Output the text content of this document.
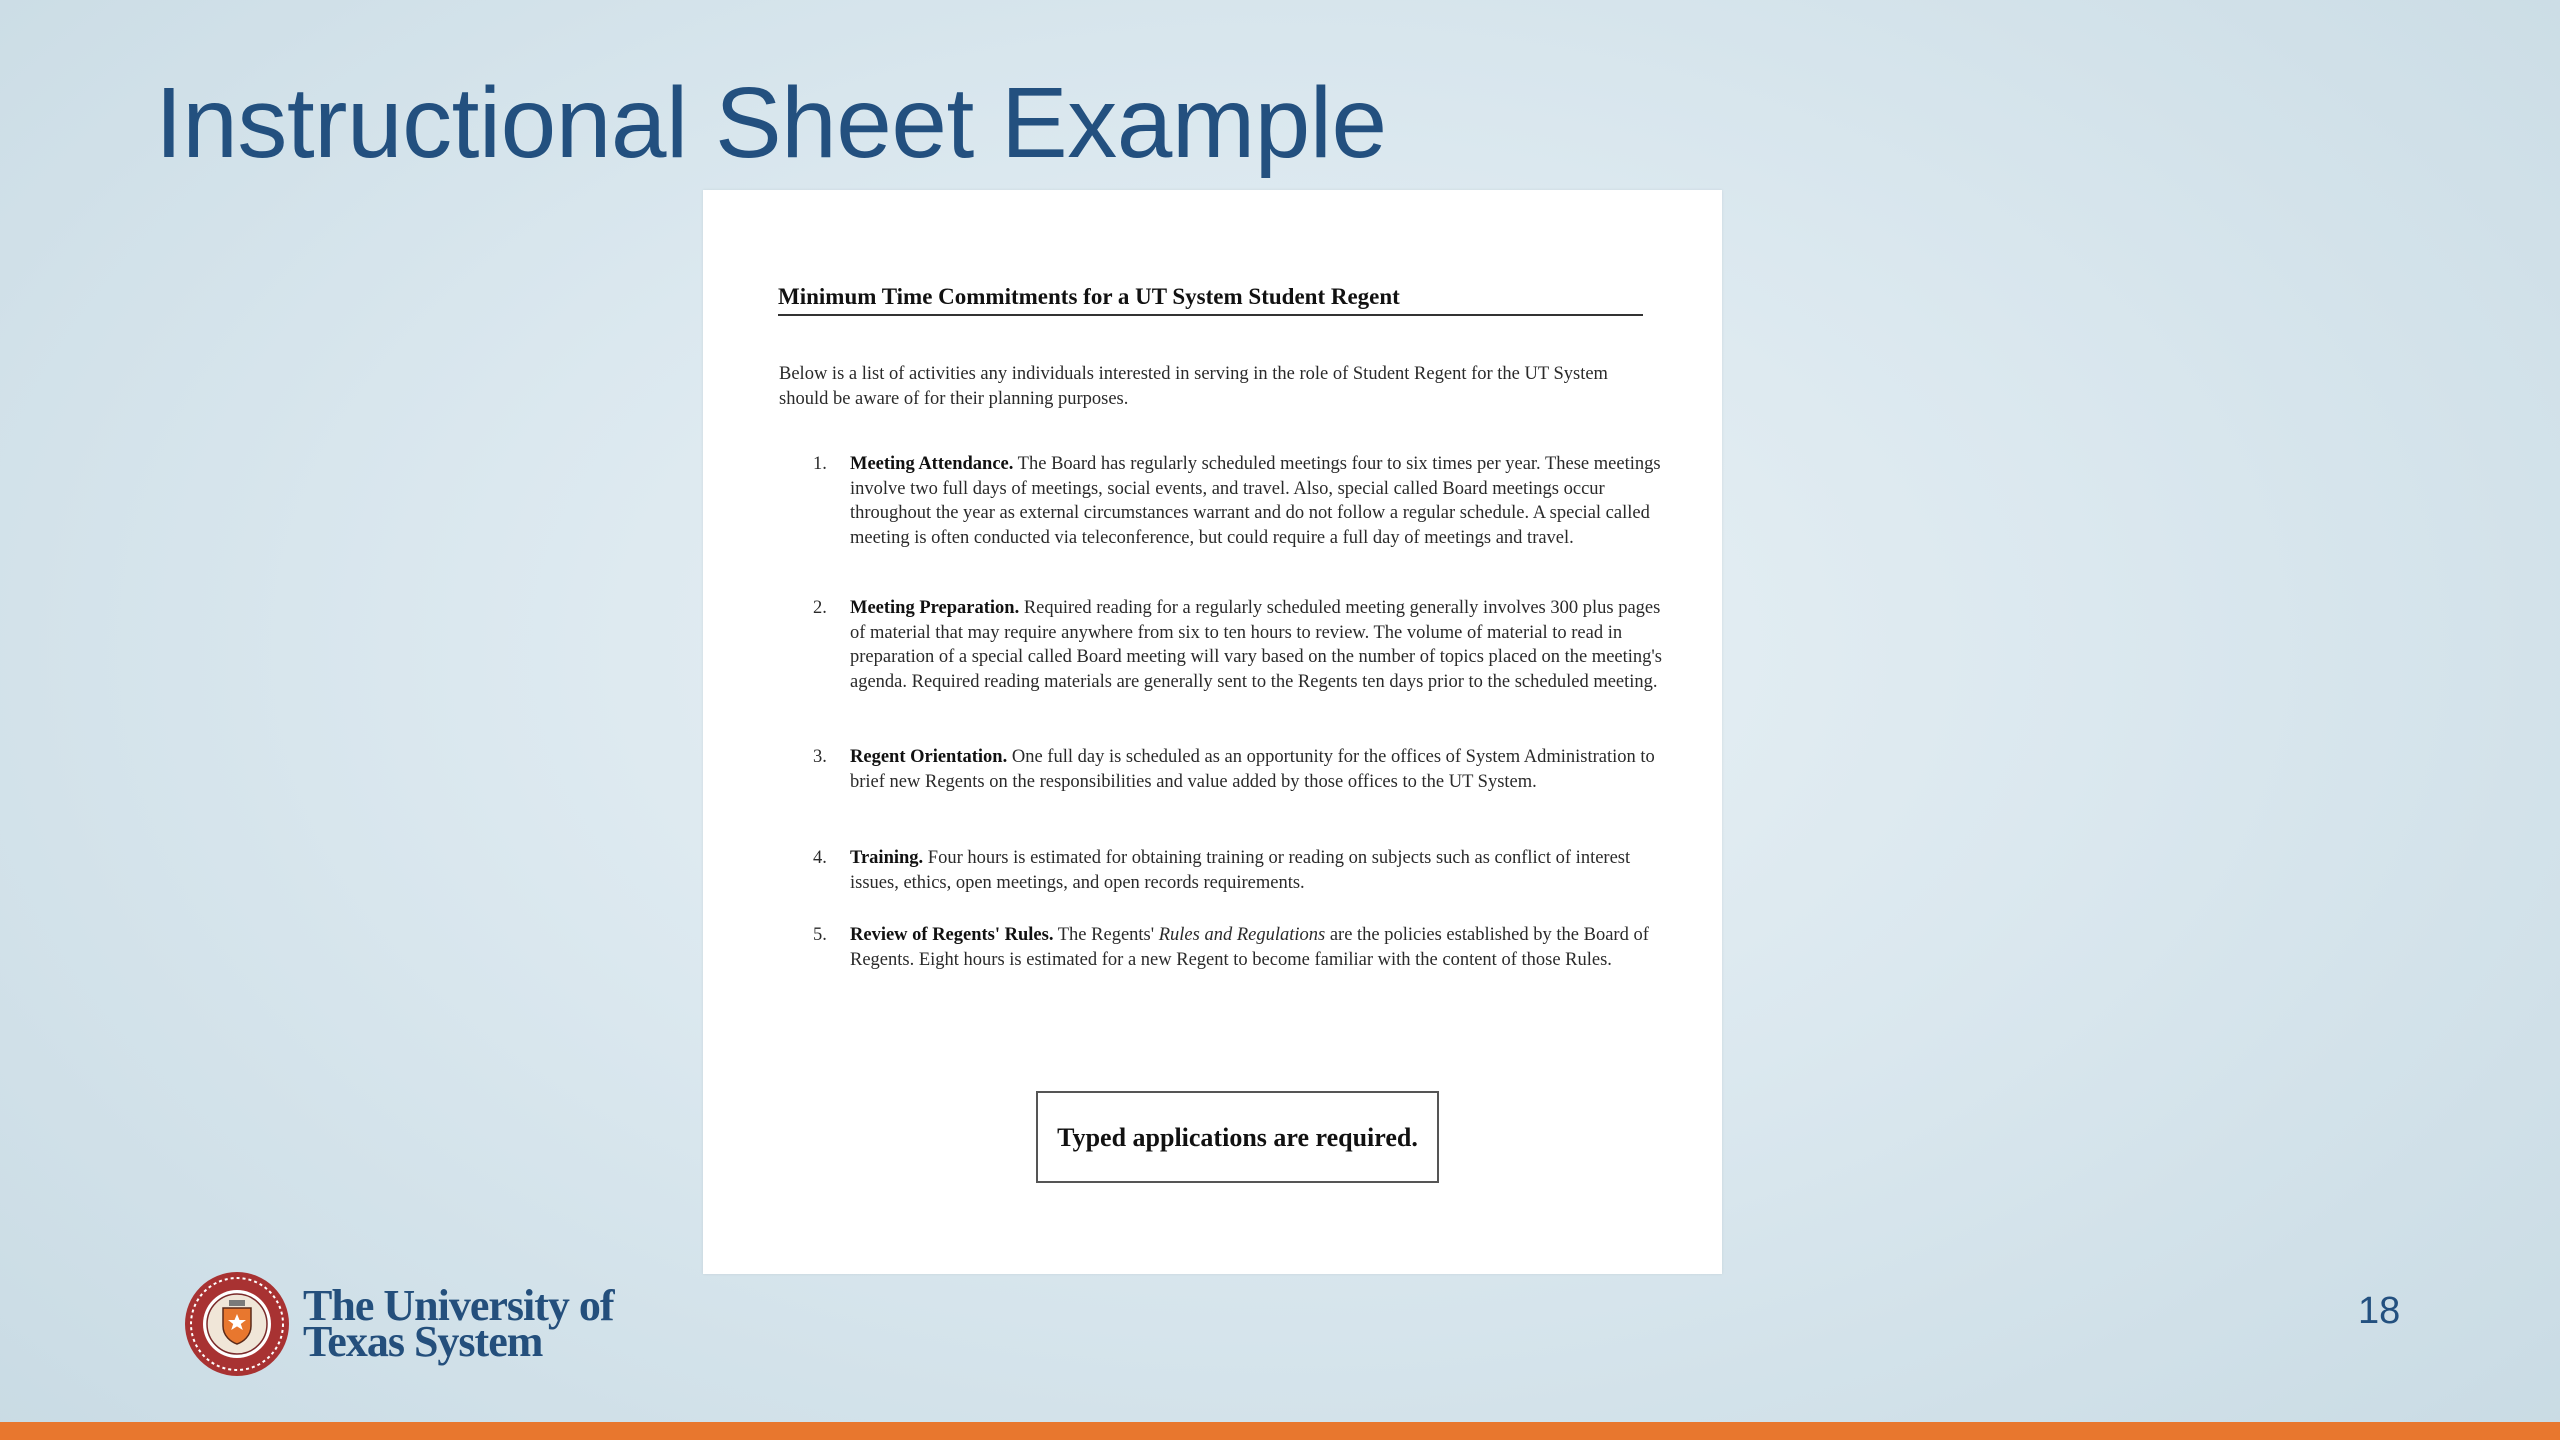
Instructional Sheet Example
Minimum Time Commitments for a UT System Student Regent
Below is a list of activities any individuals interested in serving in the role of Student Regent for the UT System should be aware of for their planning purposes.
1.	Meeting Attendance. The Board has regularly scheduled meetings four to six times per year. These meetings involve two full days of meetings, social events, and travel. Also, special called Board meetings occur throughout the year as external circumstances warrant and do not follow a regular schedule. A special called meeting is often conducted via teleconference, but could require a full day of meetings and travel.
2.	Meeting Preparation. Required reading for a regularly scheduled meeting generally involves 300 plus pages of material that may require anywhere from six to ten hours to review. The volume of material to read in preparation of a special called Board meeting will vary based on the number of topics placed on the meeting's agenda. Required reading materials are generally sent to the Regents ten days prior to the scheduled meeting.
3.	Regent Orientation. One full day is scheduled as an opportunity for the offices of System Administration to brief new Regents on the responsibilities and value added by those offices to the UT System.
4.	Training. Four hours is estimated for obtaining training or reading on subjects such as conflict of interest issues, ethics, open meetings, and open records requirements.
5.	Review of Regents' Rules. The Regents' Rules and Regulations are the policies established by the Board of Regents. Eight hours is estimated for a new Regent to become familiar with the content of those Rules.
Typed applications are required.
The University of
Texas System
18
